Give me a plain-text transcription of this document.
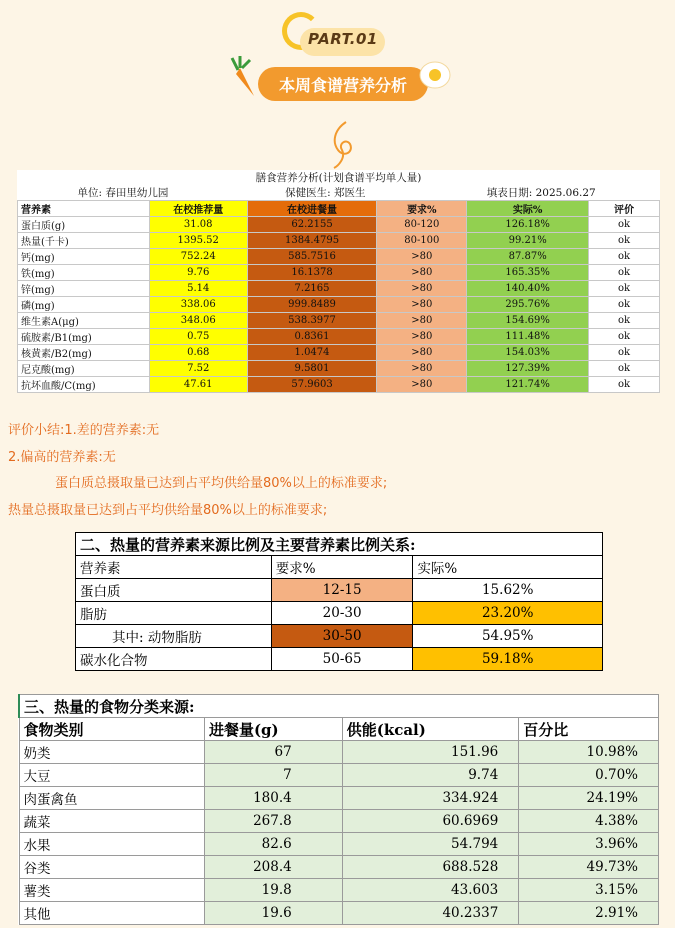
PART.01
本周食谱营养分析
膳食营养分析(计划食谱平均单人量)					
单位: 春田里幼儿园		保健医生: 郑医生		填表日期: 2025.06.27	
营养素	在校推荐量	在校进餐量	要求%	实际%	评价
蛋白质(g)	31.08	62.2155	80-120	126.18%	ok
热量(千卡)	1395.52	1384.4795	80-100	99.21%	ok
钙(mg)	752.24	585.7516	>80	87.87%	ok
铁(mg)	9.76	16.1378	>80	165.35%	ok
锌(mg)	5.14	7.2165	>80	140.40%	ok
磷(mg)	338.06	999.8489	>80	295.76%	ok
维生素A(μg)	348.06	538.3977	>80	154.69%	ok
硫胺素/B1(mg)	0.75	0.8361	>80	111.48%	ok
核黄素/B2(mg)	0.68	1.0474	>80	154.03%	ok
尼克酸(mg)	7.52	9.5801	>80	127.39%	ok
抗坏血酸/C(mg)	47.61	57.9603	>80	121.74%	ok
评价小结:1.差的营养素:无
2.偏高的营养素:无
蛋白质总摄取量已达到占平均供给量80%以上的标准要求;
热量总摄取量已达到占平均供给量80%以上的标准要求;
二、热量的营养素来源比例及主要营养素比例关系:		
营养素	要求%	实际%
蛋白质	12-15	15.62%
脂肪	20-30	23.20%
其中: 动物脂肪	30-50	54.95%
碳水化合物	50-65	59.18%
三、热量的食物分类来源:			
食物类别	进餐量(g)	供能(kcal)	百分比
奶类	67	151.96	10.98%
大豆	7	9.74	0.70%
肉蛋禽鱼	180.4	334.924	24.19%
蔬菜	267.8	60.6969	4.38%
水果	82.6	54.794	3.96%
谷类	208.4	688.528	49.73%
薯类	19.8	43.603	3.15%
其他	19.6	40.2337	2.91%
